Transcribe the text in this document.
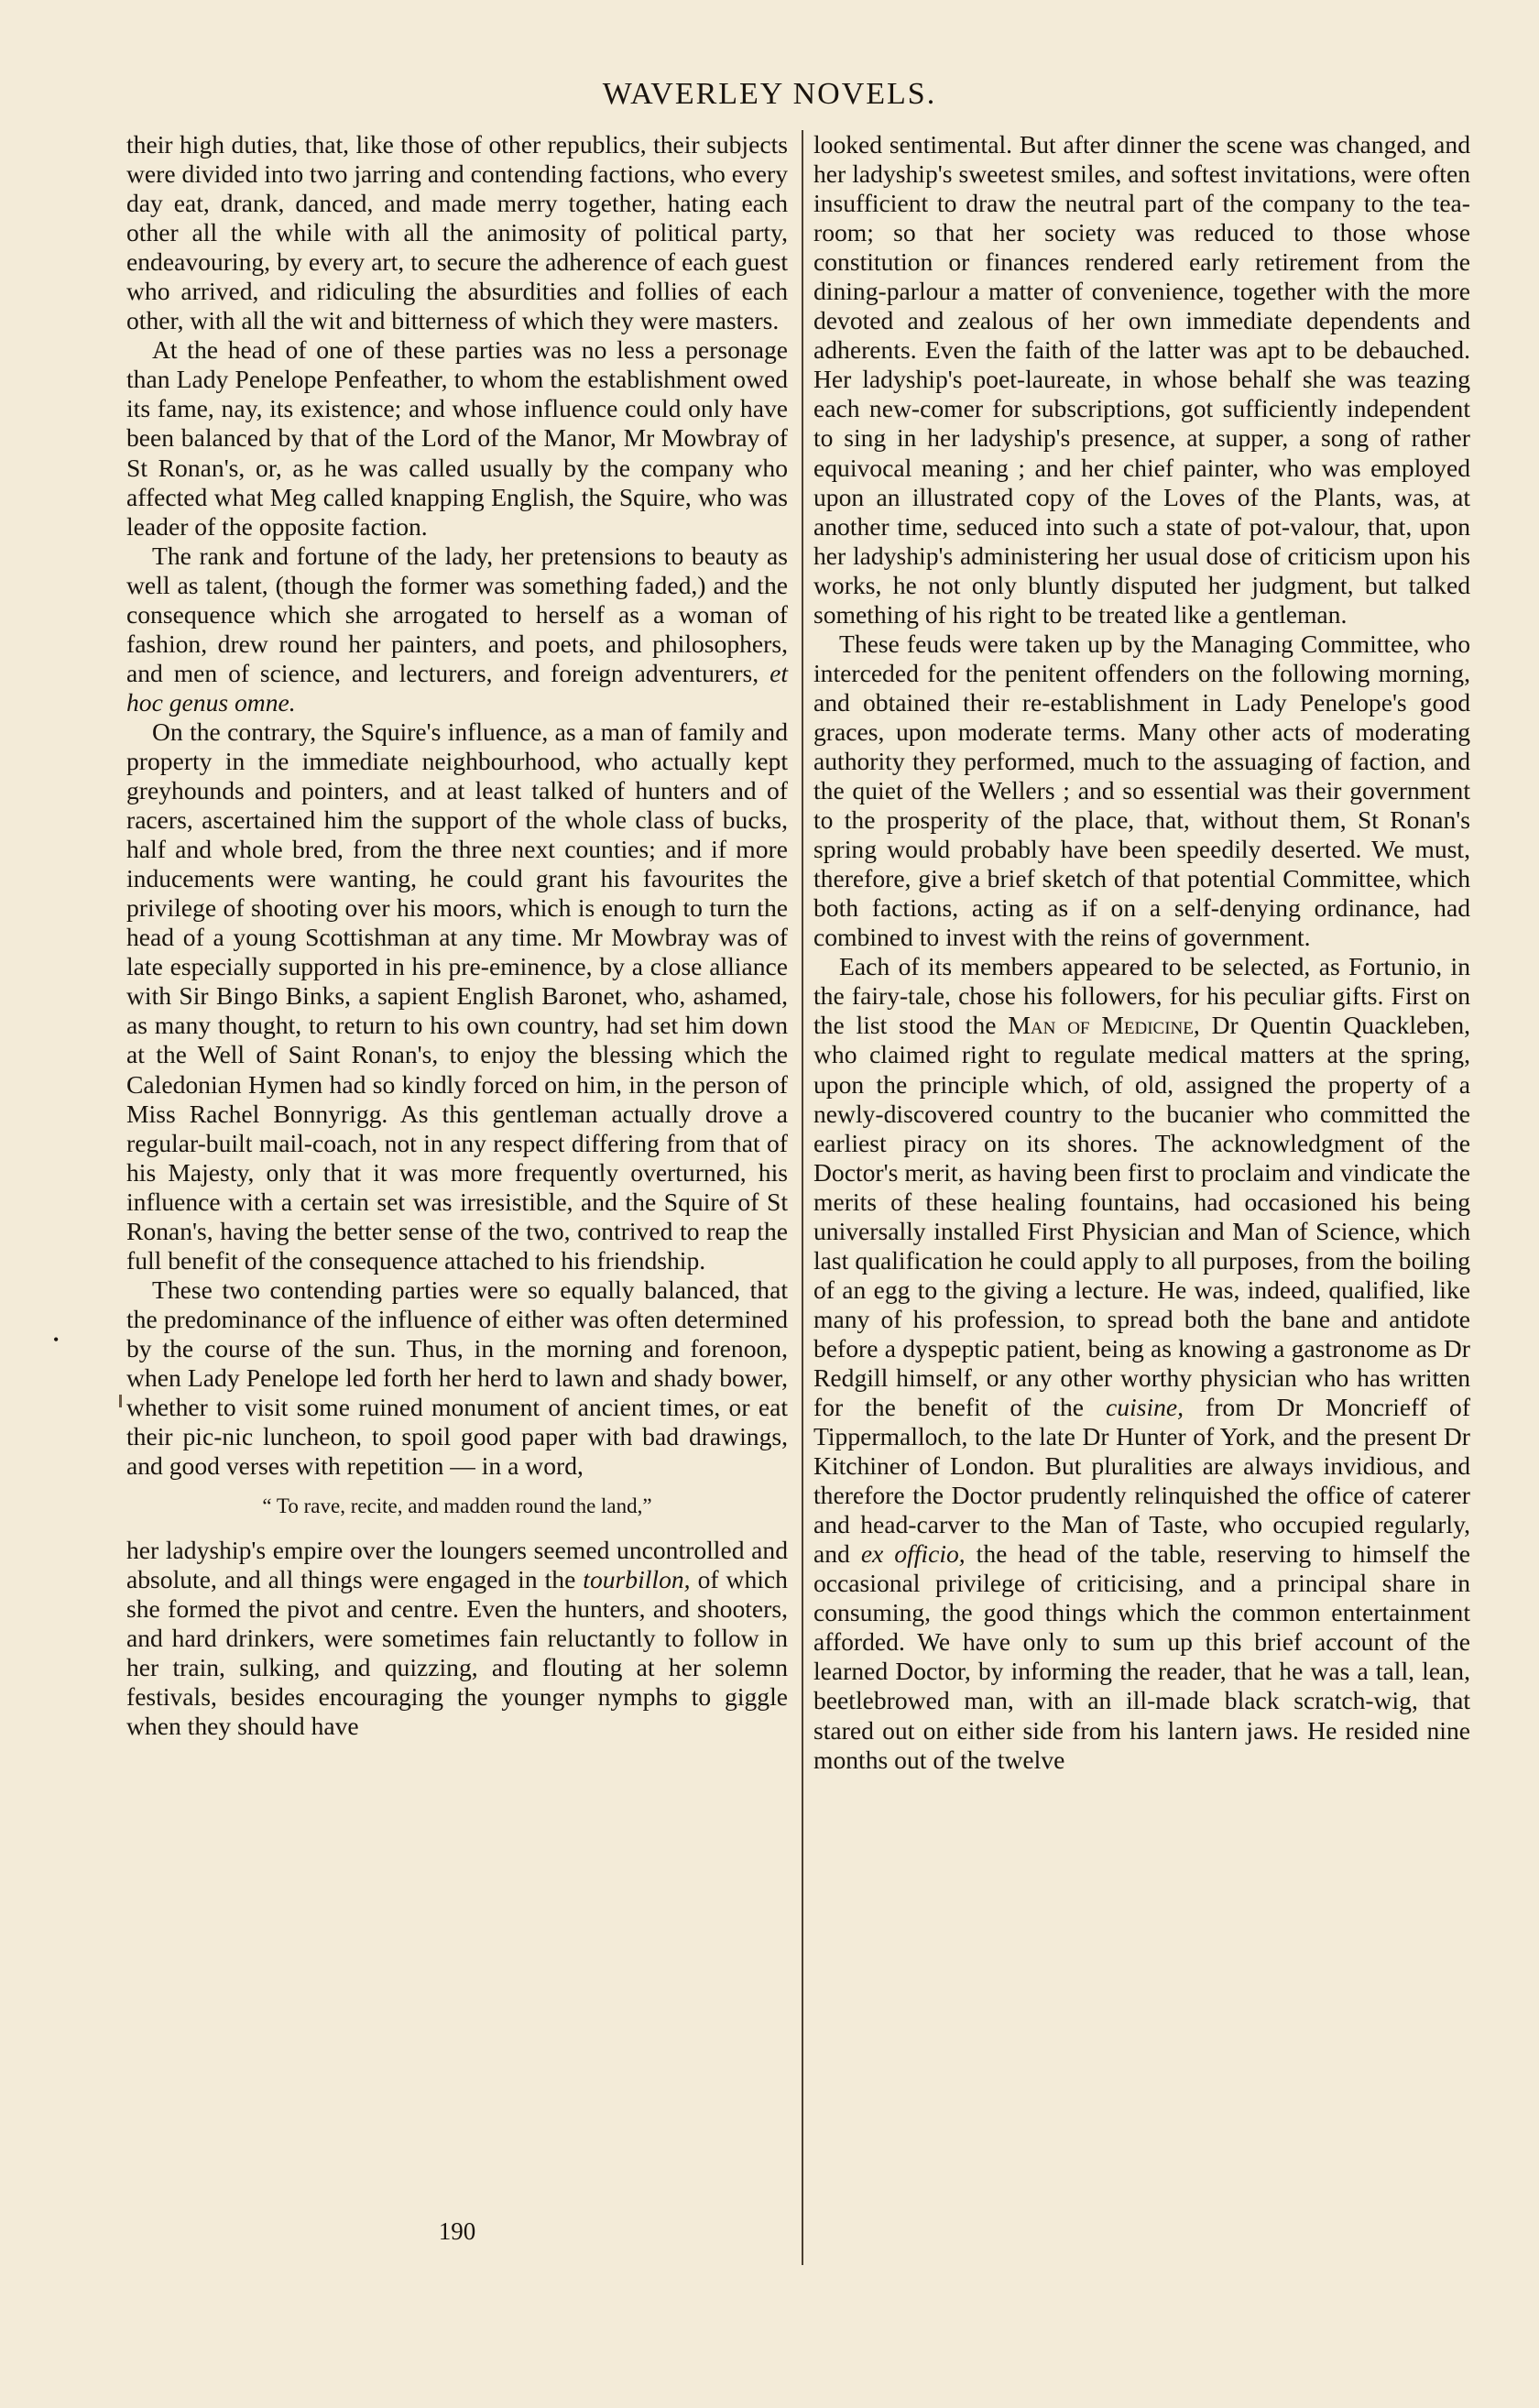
WAVERLEY NOVELS.

their high duties, that, like those of other republics, their subjects were divided into two jarring and contending factions, who every day eat, drank, danced, and made merry together, hating each other all the while with all the animosity of political party, endeavouring, by every art, to secure the adherence of each guest who arrived, and ridiculing the absurdities and follies of each other, with all the wit and bitterness of which they were masters.

At the head of one of these parties was no less a personage than Lady Penelope Penfeather, to whom the establishment owed its fame, nay, its existence; and whose influence could only have been balanced by that of the Lord of the Manor, Mr Mowbray of St Ronan's, or, as he was called usually by the company who affected what Meg called knapping English, the Squire, who was leader of the opposite faction.

The rank and fortune of the lady, her pretensions to beauty as well as talent, (though the former was something faded,) and the consequence which she arrogated to herself as a woman of fashion, drew round her painters, and poets, and philosophers, and men of science, and lecturers, and foreign adventurers, et hoc genus omne.

On the contrary, the Squire's influence, as a man of family and property in the immediate neighbourhood, who actually kept greyhounds and pointers, and at least talked of hunters and of racers, ascertained him the support of the whole class of bucks, half and whole bred, from the three next counties; and if more inducements were wanting, he could grant his favourites the privilege of shooting over his moors, which is enough to turn the head of a young Scottishman at any time. Mr Mowbray was of late especially supported in his pre-eminence, by a close alliance with Sir Bingo Binks, a sapient English Baronet, who, ashamed, as many thought, to return to his own country, had set him down at the Well of Saint Ronan's, to enjoy the blessing which the Caledonian Hymen had so kindly forced on him, in the person of Miss Rachel Bonnyrigg. As this gentleman actually drove a regular-built mail-coach, not in any respect differing from that of his Majesty, only that it was more frequently overturned, his influence with a certain set was irresistible, and the Squire of St Ronan's, having the better sense of the two, contrived to reap the full benefit of the consequence attached to his friendship.

These two contending parties were so equally balanced, that the predominance of the influence of either was often determined by the course of the sun. Thus, in the morning and forenoon, when Lady Penelope led forth her herd to lawn and shady bower, whether to visit some ruined monument of ancient times, or eat their pic-nic luncheon, to spoil good paper with bad drawings, and good verses with repetition — in a word,

“ To rave, recite, and madden round the land,”

her ladyship's empire over the loungers seemed uncontrolled and absolute, and all things were engaged in the tourbillon, of which she formed the pivot and centre. Even the hunters, and shooters, and hard drinkers, were sometimes fain reluctantly to follow in her train, sulking, and quizzing, and flouting at her solemn festivals, besides encouraging the younger nymphs to giggle when they should have

190

looked sentimental. But after dinner the scene was changed, and her ladyship's sweetest smiles, and softest invitations, were often insufficient to draw the neutral part of the company to the tea-room; so that her society was reduced to those whose constitution or finances rendered early retirement from the dining-parlour a matter of convenience, together with the more devoted and zealous of her own immediate dependents and adherents. Even the faith of the latter was apt to be debauched. Her ladyship's poet-laureate, in whose behalf she was teazing each new-comer for subscriptions, got sufficiently independent to sing in her ladyship's presence, at supper, a song of rather equivocal meaning ; and her chief painter, who was employed upon an illustrated copy of the Loves of the Plants, was, at another time, seduced into such a state of pot-valour, that, upon her ladyship's administering her usual dose of criticism upon his works, he not only bluntly disputed her judgment, but talked something of his right to be treated like a gentleman.

These feuds were taken up by the Managing Committee, who interceded for the penitent offenders on the following morning, and obtained their re-establishment in Lady Penelope's good graces, upon moderate terms. Many other acts of moderating authority they performed, much to the assuaging of faction, and the quiet of the Wellers ; and so essential was their government to the prosperity of the place, that, without them, St Ronan's spring would probably have been speedily deserted. We must, therefore, give a brief sketch of that potential Committee, which both factions, acting as if on a self-denying ordinance, had combined to invest with the reins of government.

Each of its members appeared to be selected, as Fortunio, in the fairy-tale, chose his followers, for his peculiar gifts. First on the list stood the Man of Medicine, Dr Quentin Quackleben, who claimed right to regulate medical matters at the spring, upon the principle which, of old, assigned the property of a newly-discovered country to the bucanier who committed the earliest piracy on its shores. The acknowledgment of the Doctor's merit, as having been first to proclaim and vindicate the merits of these healing fountains, had occasioned his being universally installed First Physician and Man of Science, which last qualification he could apply to all purposes, from the boiling of an egg to the giving a lecture. He was, indeed, qualified, like many of his profession, to spread both the bane and antidote before a dyspeptic patient, being as knowing a gastronome as Dr Redgill himself, or any other worthy physician who has written for the benefit of the cuisine, from Dr Moncrieff of Tippermalloch, to the late Dr Hunter of York, and the present Dr Kitchiner of London. But pluralities are always invidious, and therefore the Doctor prudently relinquished the office of caterer and head-carver to the Man of Taste, who occupied regularly, and ex officio, the head of the table, reserving to himself the occasional privilege of criticising, and a principal share in consuming, the good things which the common entertainment afforded. We have only to sum up this brief account of the learned Doctor, by informing the reader, that he was a tall, lean, beetlebrowed man, with an ill-made black scratch-wig, that stared out on either side from his lantern jaws. He resided nine months out of the twelve

•
